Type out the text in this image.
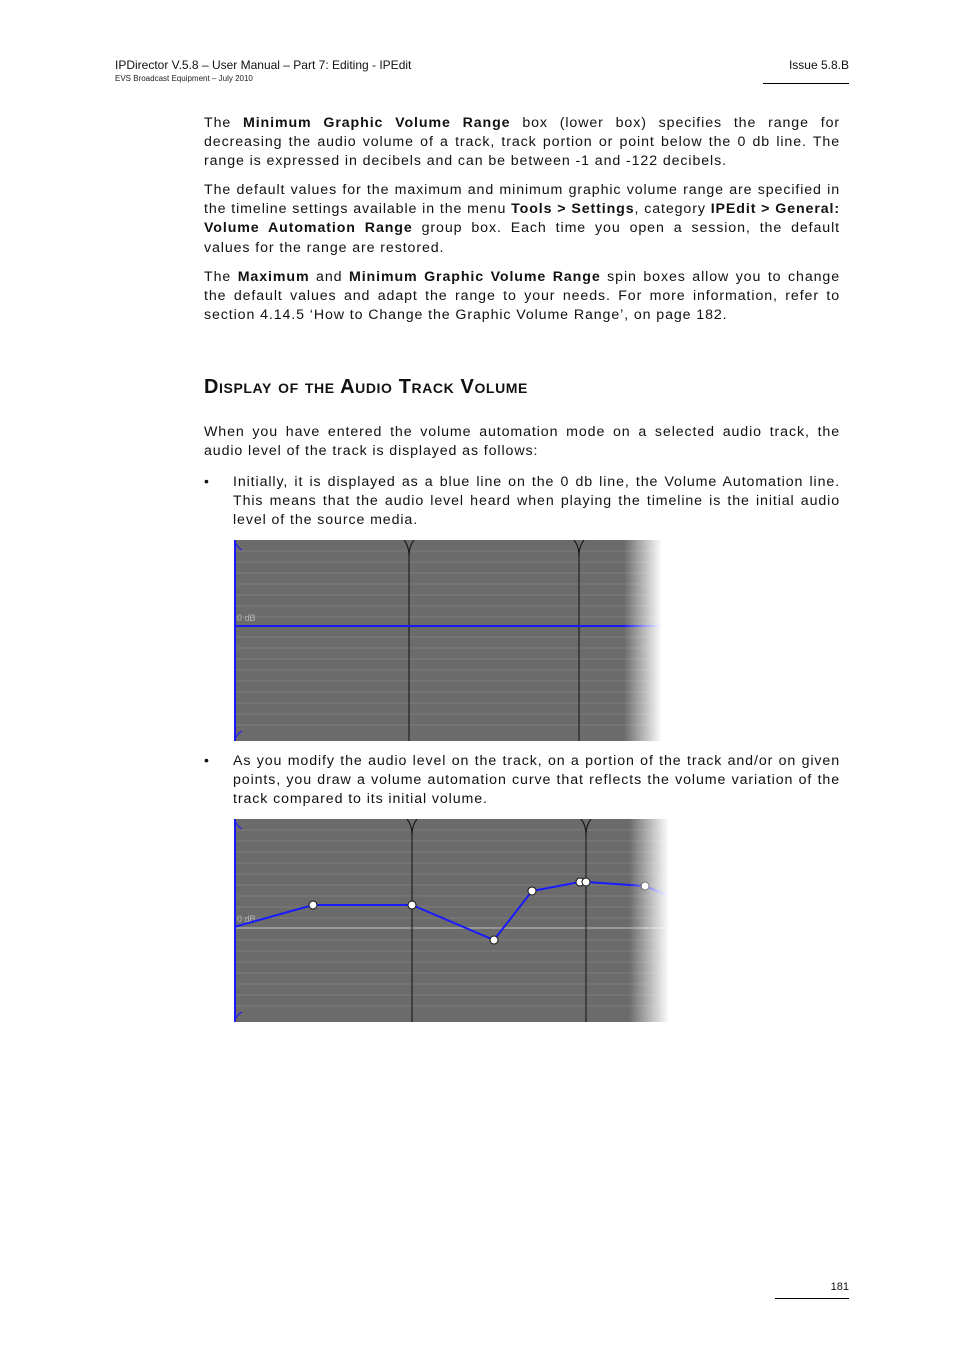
IPDirector V.5.8 – User Manual – Part 7: Editing - IPEdit
EVS Broadcast Equipment – July 2010
Issue 5.8.B

The Minimum Graphic Volume Range box (lower box) specifies the range for decreasing the audio volume of a track, track portion or point below the 0 db line. The range is expressed in decibels and can be between -1 and -122 decibels.

The default values for the maximum and minimum graphic volume range are specified in the timeline settings available in the menu Tools > Settings, category IPEdit > General: Volume Automation Range group box. Each time you open a session, the default values for the range are restored.

The Maximum and Minimum Graphic Volume Range spin boxes allow you to change the default values and adapt the range to your needs. For more information, refer to section 4.14.5 ‘How to Change the Graphic Volume Range’, on page 182.

Display of the Audio Track Volume

When you have entered the volume automation mode on a selected audio track, the audio level of the track is displayed as follows:

• Initially, it is displayed as a blue line on the 0 db line, the Volume Automation line. This means that the audio level heard when playing the timeline is the initial audio level of the source media.

0 dB
• As you modify the audio level on the track, on a portion of the track and/or on given points, you draw a volume automation curve that reflects the volume variation of the track compared to its initial volume.

0 dB
181
